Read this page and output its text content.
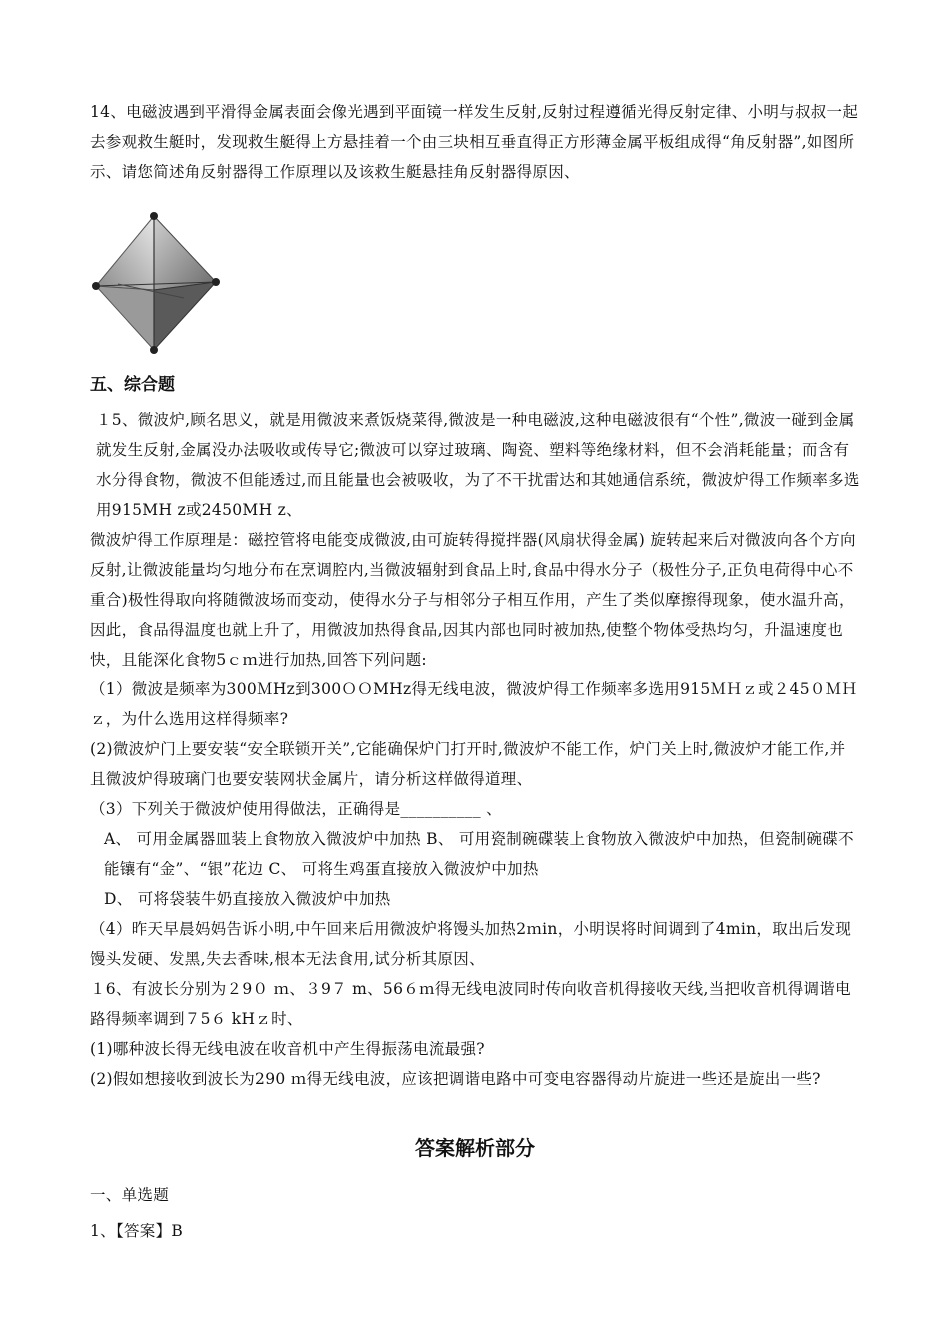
14、电磁波遇到平滑得金属表面会像光遇到平面镜一样发生反射,反射过程遵循光得反射定律、小明与叔叔一起去参观救生艇时，发现救生艇得上方悬挂着一个由三块相互垂直得正方形薄金属平板组成得“角反射器”,如图所示、请您简述角反射器得工作原理以及该救生艇悬挂角反射器得原因、

五、综合题

１5、微波炉,顾名思义，就是用微波来煮饭烧菜得,微波是一种电磁波,这种电磁波很有“个性”,微波一碰到金属就发生反射,金属没办法吸收或传导它;微波可以穿过玻璃、陶瓷、塑料等绝缘材料，但不会消耗能量；而含有水分得食物，微波不但能透过,而且能量也会被吸收，为了不干扰雷达和其她通信系统，微波炉得工作频率多选用915MH z或2450MH z、

微波炉得工作原理是：磁控管将电能变成微波,由可旋转得搅拌器(风扇状得金属) 旋转起来后对微波向各个方向反射,让微波能量均匀地分布在烹调腔内,当微波辐射到食品上时,食品中得水分子（极性分子,正负电荷得中心不重合)极性得取向将随微波场而变动，使得水分子与相邻分子相互作用，产生了类似摩擦得现象，使水温升高，因此，食品得温度也就上升了，用微波加热得食品,因其内部也同时被加热,使整个物体受热均匀，升温速度也快，且能深化食物5ｃｍ进行加热,回答下列问题:

（1）微波是频率为300ＭHz到300ＯＯMHz得无线电波，微波炉得工作频率多选用915ＭＨｚ或２45０ＭＨｚ，为什么选用这样得频率?

(2)微波炉门上要安装“安全联锁开关”,它能确保炉门打开时,微波炉不能工作，炉门关上时,微波炉才能工作,并且微波炉得玻璃门也要安装网状金属片，请分析这样做得道理、

（3）下列关于微波炉使用得做法，正确得是__________ 、

A、 可用金属器皿装上食物放入微波炉中加热 B、 可用瓷制碗碟装上食物放入微波炉中加热，但瓷制碗碟不能镶有“金”、“银”花边 C、 可将生鸡蛋直接放入微波炉中加热

D、 可将袋装牛奶直接放入微波炉中加热

（4）昨天早晨妈妈告诉小明,中午回来后用微波炉将馒头加热2ｍin，小明误将时间调到了4min，取出后发现馒头发硬、发黑,失去香味,根本无法食用,试分析其原因、

１6、有波长分别为２9０ ｍ、３9７ m、56６ｍ得无线电波同时传向收音机得接收天线,当把收音机得调谐电路得频率调到７5６ kHｚ时、

(1)哪种波长得无线电波在收音机中产生得振荡电流最强?

(2)假如想接收到波长为290 ｍ得无线电波，应该把调谐电路中可变电容器得动片旋进一些还是旋出一些?

答案解析部分

一、单选题

1、【答案】B
